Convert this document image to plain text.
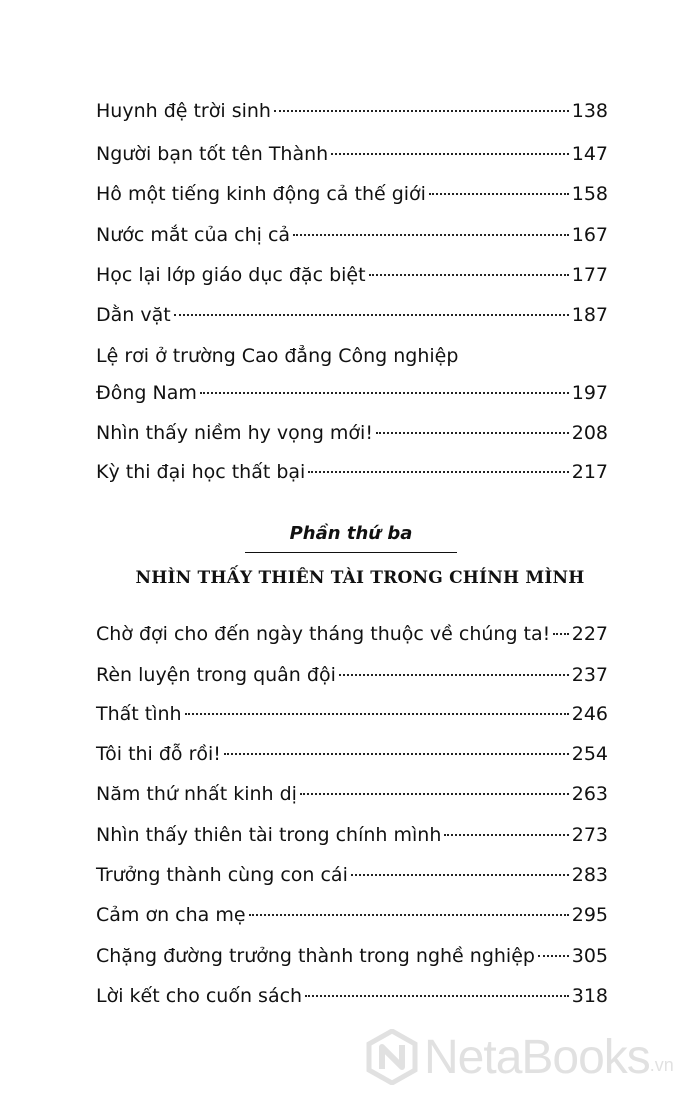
Huynh đệ trời sinh	138
Người bạn tốt tên Thành	147
Hô một tiếng kinh động cả thế giới	158
Nước mắt của chị cả	167
Học lại lớp giáo dục đặc biệt	177
Dằn vặt	187
Lệ rơi ở trường Cao đẳng Công nghiệp
Đông Nam	197
Nhìn thấy niềm hy vọng mới!	208
Kỳ thi đại học thất bại	217
Phần thứ ba
NHÌN THẤY THIÊN TÀI TRONG CHÍNH MÌNH
Chờ đợi cho đến ngày tháng thuộc về chúng ta! 227
Rèn luyện trong quân đội	237
Thất tình	246
Tôi thi đỗ rồi!	254
Năm thứ nhất kinh dị	263
Nhìn thấy thiên tài trong chính mình	273
Trưởng thành cùng con cái	283
Cảm ơn cha mẹ	295
Chặng đường trưởng thành trong nghề nghiệp 305
Lời kết cho cuốn sách	318
NetaBooks .vn
